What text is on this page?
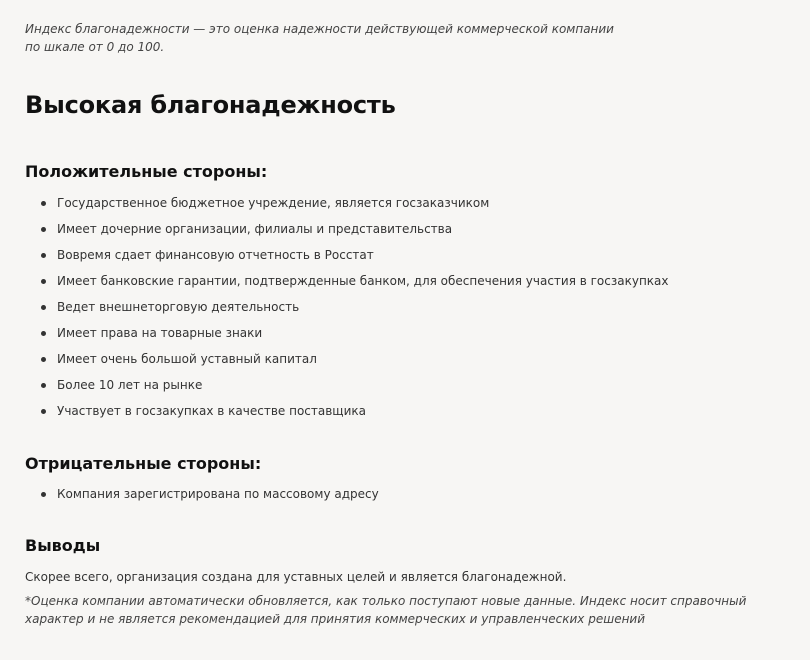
Индекс благонадежности — это оценка надежности действующей коммерческой компании по шкале от 0 до 100.

Высокая благонадежность
Положительные стороны:
Государственное бюджетное учреждение, является госзаказчиком
Имеет дочерние организации, филиалы и представительства
Вовремя сдает финансовую отчетность в Росстат
Имеет банковские гарантии, подтвержденные банком, для обеспечения участия в госзакупках
Ведет внешнеторговую деятельность
Имеет права на товарные знаки
Имеет очень большой уставный капитал
Более 10 лет на рынке
Участвует в госзакупках в качестве поставщика
Отрицательные стороны:
Компания зарегистрирована по массовому адресу
Выводы

Скорее всего, организация создана для уставных целей и является благонадежной.

*Оценка компании автоматически обновляется, как только поступают новые данные. Индекс носит справочный характер и не является рекомендацией для принятия коммерческих и управленческих решений
